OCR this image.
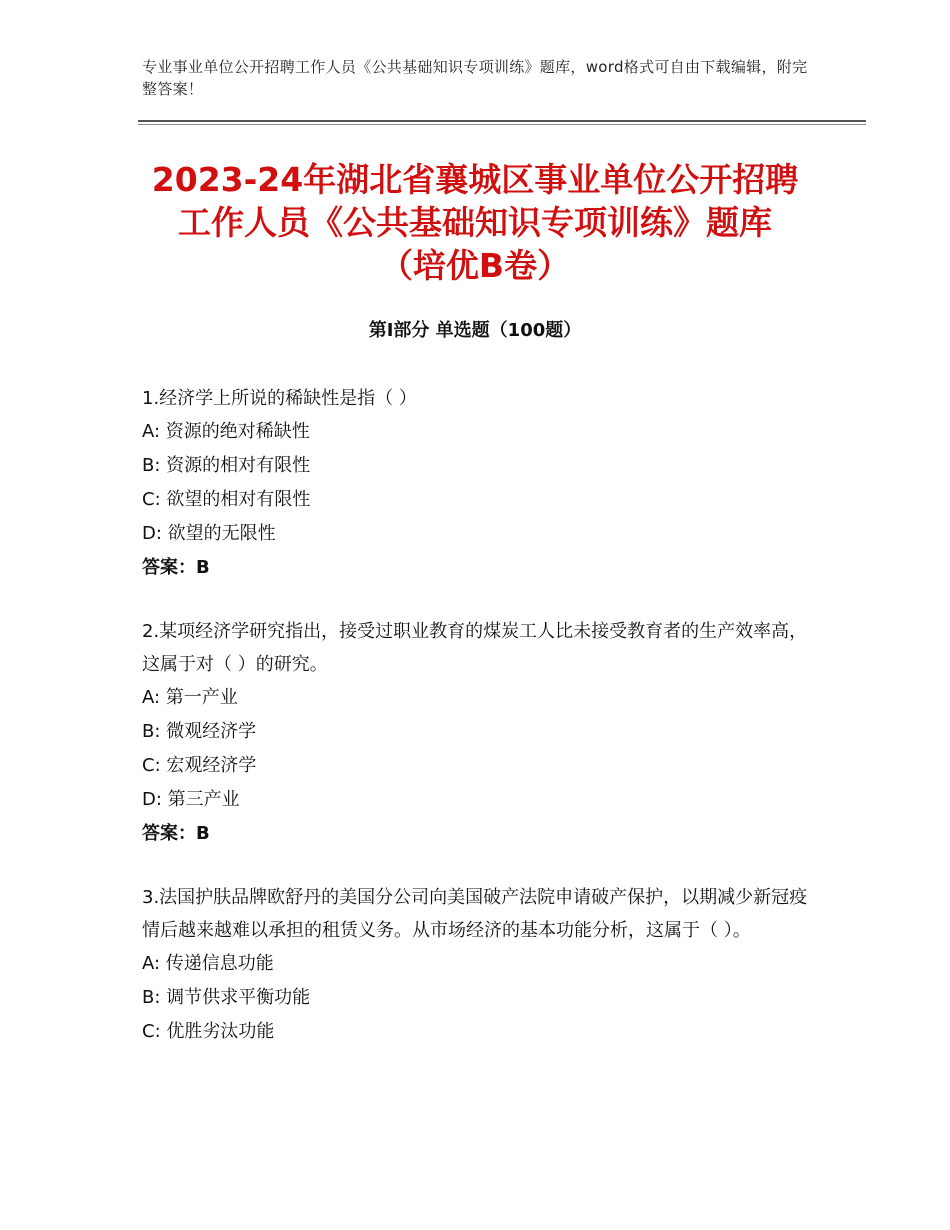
专业事业单位公开招聘工作人员《公共基础知识专项训练》题库，word格式可自由下载编辑，附完整答案！
2023-24年湖北省襄城区事业单位公开招聘
工作人员《公共基础知识专项训练》题库
（培优B卷）
第Ⅰ部分 单选题（100题）

1.经济学上所说的稀缺性是指（ ）

A: 资源的绝对稀缺性

B: 资源的相对有限性

C: 欲望的相对有限性

D: 欲望的无限性

答案：B

2.某项经济学研究指出，接受过职业教育的煤炭工人比未接受教育者的生产效率高，这属于对（ ）的研究。

A: 第一产业

B: 微观经济学

C: 宏观经济学

D: 第三产业

答案：B

3.法国护肤品牌欧舒丹的美国分公司向美国破产法院申请破产保护，以期减少新冠疫情后越来越难以承担的租赁义务。从市场经济的基本功能分析，这属于（ ）。

A: 传递信息功能

B: 调节供求平衡功能

C: 优胜劣汰功能
